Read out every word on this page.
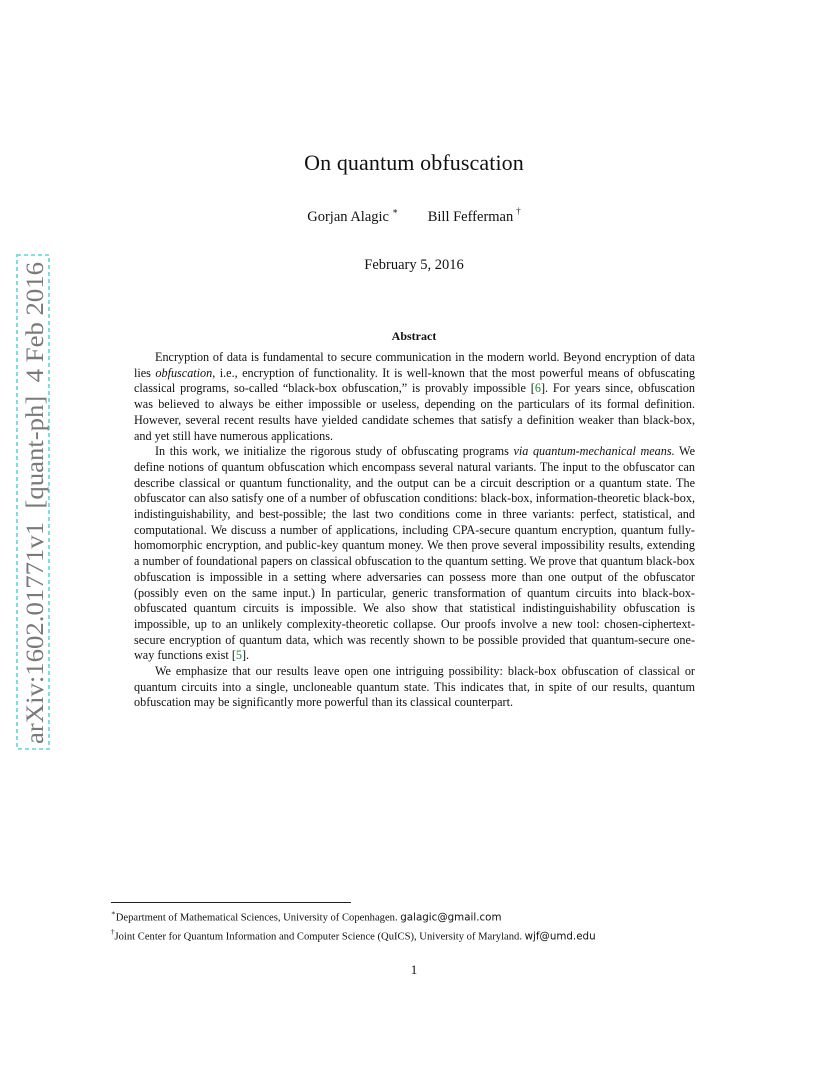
arXiv:1602.01771v1  [quant-ph]  4 Feb 2016
On quantum obfuscation
Gorjan Alagic ∗ Bill Fefferman †
February 5, 2016
Abstract

Encryption of data is fundamental to secure communication in the modern world. Beyond encryption of data lies obfuscation, i.e., encryption of functionality. It is well-known that the most powerful means of obfuscating classical programs, so-called “black-box obfuscation,” is provably impossible [6]. For years since, obfuscation was believed to always be either impossible or useless, depending on the particulars of its formal definition. However, several recent results have yielded candidate schemes that satisfy a definition weaker than black-box, and yet still have numerous applications.

In this work, we initialize the rigorous study of obfuscating programs via quantum-mechanical means. We define notions of quantum obfuscation which encompass several natural variants. The input to the obfuscator can describe classical or quantum functionality, and the output can be a circuit description or a quantum state. The obfuscator can also satisfy one of a number of obfuscation conditions: black-box, information-theoretic black-box, indistinguishability, and best-possible; the last two conditions come in three variants: perfect, statistical, and computational. We discuss a number of applications, including CPA-secure quantum encryption, quantum fully-homomorphic encryption, and public-key quantum money. We then prove several impossibility results, extending a number of foundational papers on classical obfuscation to the quantum setting. We prove that quantum black-box obfuscation is impossible in a setting where adversaries can possess more than one output of the obfuscator (possibly even on the same input.) In particular, generic transformation of quantum circuits into black-box-obfuscated quantum circuits is impossible. We also show that statistical indistinguishability obfuscation is impossible, up to an unlikely complexity-theoretic collapse. Our proofs involve a new tool: chosen-ciphertext-secure encryption of quantum data, which was recently shown to be possible provided that quantum-secure one-way functions exist [5].

We emphasize that our results leave open one intriguing possibility: black-box obfuscation of classical or quantum circuits into a single, uncloneable quantum state. This indicates that, in spite of our results, quantum obfuscation may be significantly more powerful than its classical counterpart.

∗Department of Mathematical Sciences, University of Copenhagen. galagic@gmail.com
†Joint Center for Quantum Information and Computer Science (QuICS), University of Maryland. wjf@umd.edu
1
